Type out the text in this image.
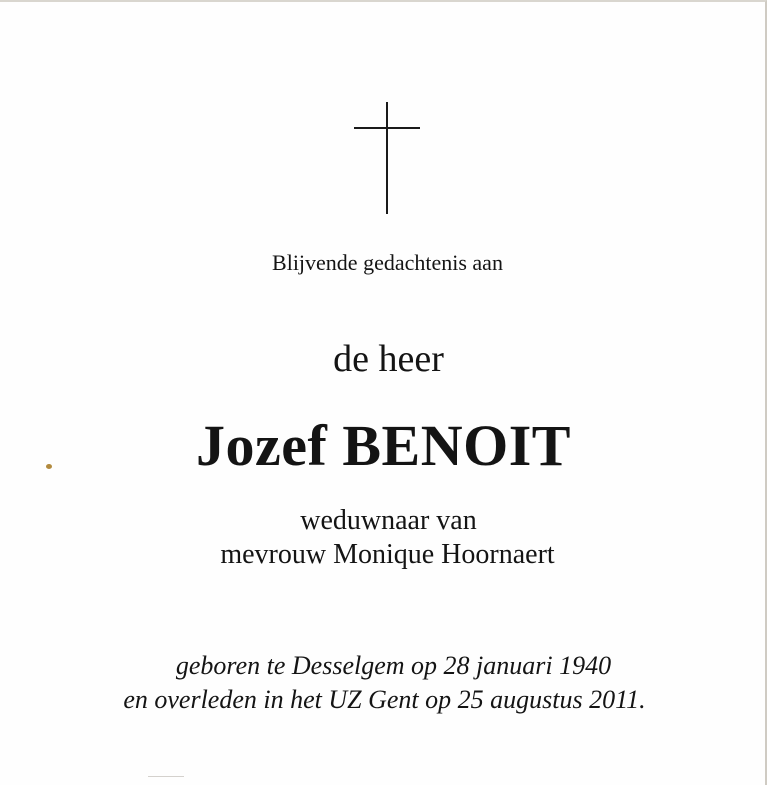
Blijvende gedachtenis aan
de heer
Jozef BENOIT
weduwnaar van
mevrouw Monique Hoornaert
geboren te Desselgem op 28 januari 1940
en overleden in het UZ Gent op 25 augustus 2011.
